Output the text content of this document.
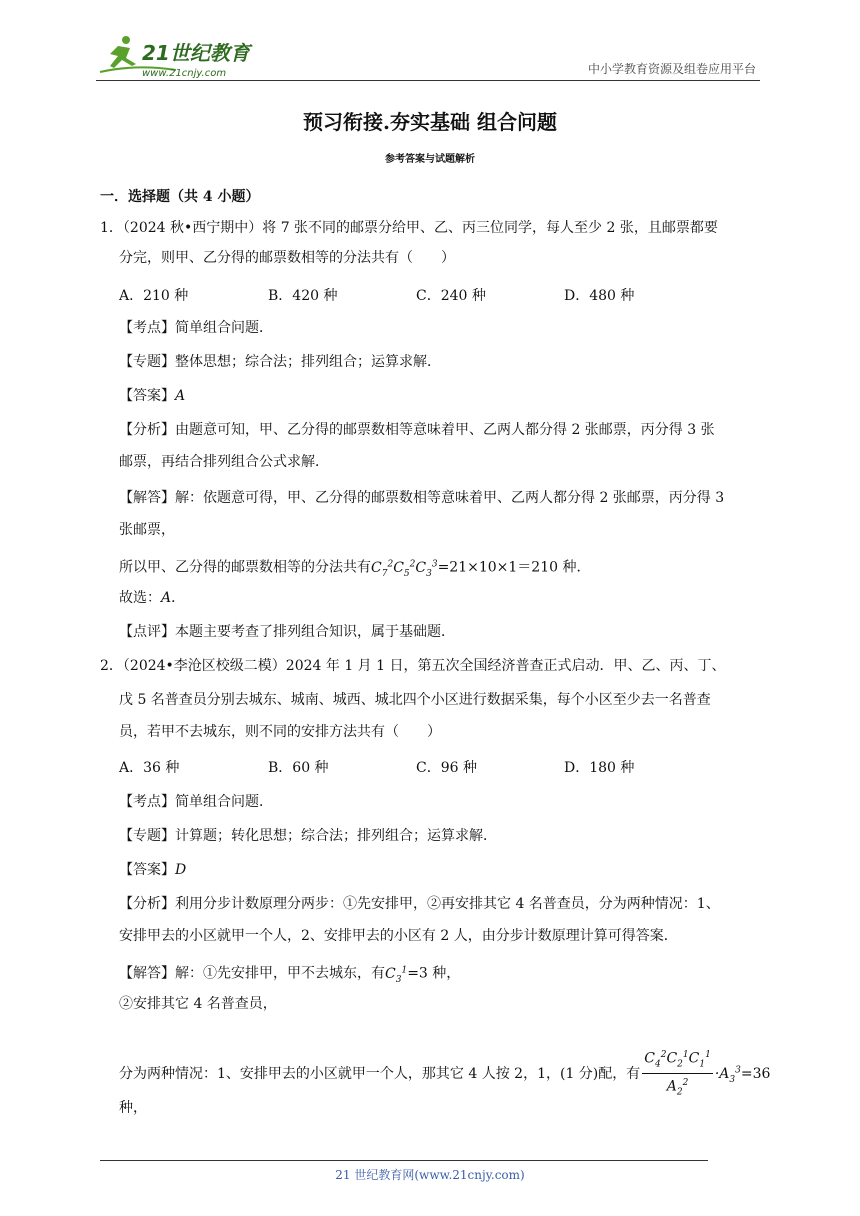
21世纪教育
www.21cnjy.com	中小学教育资源及组卷应用平台
预习衔接.夯实基础 组合问题
参考答案与试题解析
一．选择题（共 4 小题）
1．（2024 秋•西宁期中）将 7 张不同的邮票分给甲、乙、丙三位同学，每人至少 2 张，且邮票都要
分完，则甲、乙分得的邮票数相等的分法共有（　　）
A．210 种	B．420 种	C．240 种	D．480 种
【考点】简单组合问题．
【专题】整体思想；综合法；排列组合；运算求解．
【答案】A
【分析】由题意可知，甲、乙分得的邮票数相等意味着甲、乙两人都分得 2 张邮票，丙分得 3 张
邮票，再结合排列组合公式求解．
【解答】解：依题意可得，甲、乙分得的邮票数相等意味着甲、乙两人都分得 2 张邮票，丙分得 3
张邮票，
所以甲、乙分得的邮票数相等的分法共有$C_7^2C_5^2C_3^3=21\times 10\times 1=210$ 种．
故选：A．
【点评】本题主要考查了排列组合知识，属于基础题．
2．（2024•李沧区校级二模）2024 年 1 月 1 日，第五次全国经济普查正式启动．甲、乙、丙、丁、
戊 5 名普查员分别去城东、城南、城西、城北四个小区进行数据采集，每个小区至少去一名普查
员，若甲不去城东，则不同的安排方法共有（　　）
A．36 种	B．60 种	C．96 种	D．180 种
【考点】简单组合问题．
【专题】计算题；转化思想；综合法；排列组合；运算求解．
【答案】D
【分析】利用分步计数原理分两步：①先安排甲，②再安排其它 4 名普查员，分为两种情况：1、
安排甲去的小区就甲一个人，2、安排甲去的小区有 2 人，由分步计数原理计算可得答案．
【解答】解：①先安排甲，甲不去城东，有$C_3^1=3$ 种，
②安排其它 4 名普查员，
分为两种情况：1、安排甲去的小区就甲一个人，那其它 4 人按 2，1，(1 分)配，有 $\frac{C_4^2C_2^1C_1^1}{A_2^2} \cdot A_3^3=36$
种，
21 世纪教育网(www.21cnjy.com)
